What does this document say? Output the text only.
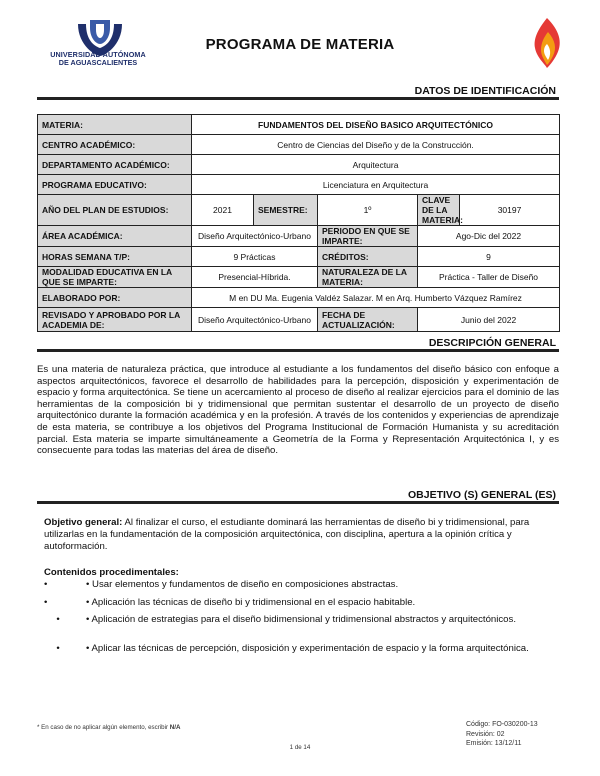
UNIVERSIDAD AUTÓNOMA
DE AGUASCALIENTES
PROGRAMA DE MATERIA
DATOS DE IDENTIFICACIÓN
MATERIA:	FUNDAMENTOS DEL DISEÑO BASICO ARQUITECTÓNICO				
CENTRO ACADÉMICO:	Centro de Ciencias del Diseño y de la Construcción.				
DEPARTAMENTO ACADÉMICO:	Arquitectura				
PROGRAMA EDUCATIVO:	Licenciatura en Arquitectura				
AÑO DEL PLAN DE ESTUDIOS:	2021	SEMESTRE:	1º	CLAVE DE LA MATERIA:	30197
ÁREA ACADÉMICA:	Diseño Arquitectónico-Urbano		PERIODO EN QUE SE IMPARTE:	Ago-Dic del 2022	
HORAS SEMANA T/P:	9 Prácticas		CRÉDITOS:	9	
MODALIDAD EDUCATIVA EN LA QUE SE IMPARTE:	Presencial-Híbrida.		NATURALEZA DE LA MATERIA:	Práctica - Taller de Diseño	
ELABORADO POR:	M en DU Ma. Eugenia Valdéz Salazar. M en Arq. Humberto Vázquez Ramírez				
REVISADO Y APROBADO POR LA ACADEMIA DE:	Diseño Arquitectónico-Urbano		FECHA DE ACTUALIZACIÓN:	Junio del 2022	
DESCRIPCIÓN GENERAL
Es una materia de naturaleza práctica, que introduce al estudiante a los fundamentos del diseño básico con enfoque a aspectos arquitectónicos, favorece el desarrollo de habilidades para la percepción, disposición y experimentación de espacio y forma arquitectónica. Se tiene un acercamiento al proceso de diseño al realizar ejercicios para el dominio de las herramientas de la composición bi y tridimensional que permitan sustentar el desarrollo de un proyecto de diseño arquitectónico durante la formación académica y en la profesión. A través de los contenidos y experiencias de aprendizaje de esta materia, se contribuye a los objetivos del Programa Institucional de Formación Humanista y su acreditación parcial. Esta materia se imparte simultáneamente a Geometría de la Forma y Representación Arquitectónica I, y es consecuente para todas las materias del área de diseño.
OBJETIVO (S) GENERAL (ES)
Objetivo general: Al finalizar el curso, el estudiante dominará las herramientas de diseño bi y tridimensional, para utilizarlas en la fundamentación de la composición arquitectónica, con disciplina, apertura a la opinión crítica y autoformación.
Contenidos procedimentales:
•	• Usar elementos y fundamentos de diseño en composiciones abstractas.
•	• Aplicación las técnicas de diseño bi y tridimensional en el espacio habitable.
•	• Aplicación de estrategias para el diseño bidimensional y tridimensional abstractos y arquitectónicos.
•	• Aplicar las técnicas de percepción, disposición y experimentación de espacio y la forma arquitectónica.
* En caso de no aplicar algún elemento, escribir N/A
1 de 14
Código: FO-030200-13
Revisión: 02
Emisión: 13/12/11
